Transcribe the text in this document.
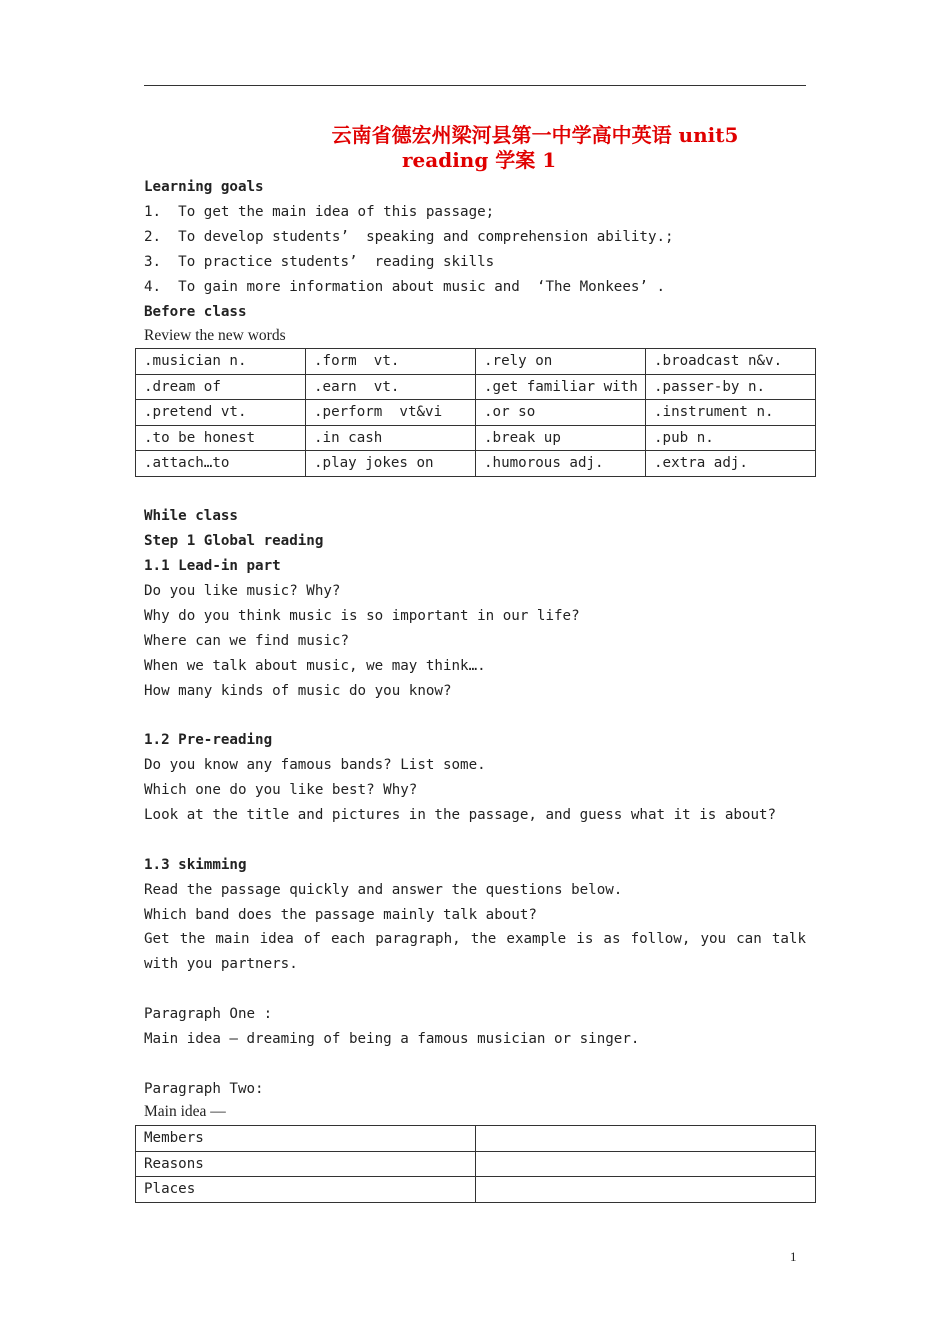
云南省德宏州梁河县第一中学高中英语 unit5
reading 学案 1
Learning goals
1.  To get the main idea of this passage;
2.  To develop students’  speaking and comprehension ability.;
3.  To practice students’  reading skills
4.  To gain more information about music and  ‘The Monkees’ .
Before class
Review the new words
.musician n.	.form  vt.	.rely on	.broadcast n&v.
.dream of	.earn  vt.	.get familiar with	.passer-by n.
.pretend vt.	.perform  vt&vi	.or so	.instrument n.
.to be honest	.in cash	.break up	.pub n.
.attach…to	.play jokes on	.humorous adj.	.extra adj.
While class
Step 1 Global reading
1.1 Lead-in part
Do you like music? Why?
Why do you think music is so important in our life?
Where can we find music?
When we talk about music, we may think….
How many kinds of music do you know?
1.2 Pre-reading
Do you know any famous bands? List some.
Which one do you like best? Why?
Look at the title and pictures in the passage, and guess what it is about?
1.3 skimming
Read the passage quickly and answer the questions below.
Which band does the passage mainly talk about?
Get the main idea of each paragraph, the example is as follow, you can talk with you partners.
Paragraph One :
Main idea — dreaming of being a famous musician or singer.
Paragraph Two:
Main idea —
Members	
Reasons	
Places	
1
